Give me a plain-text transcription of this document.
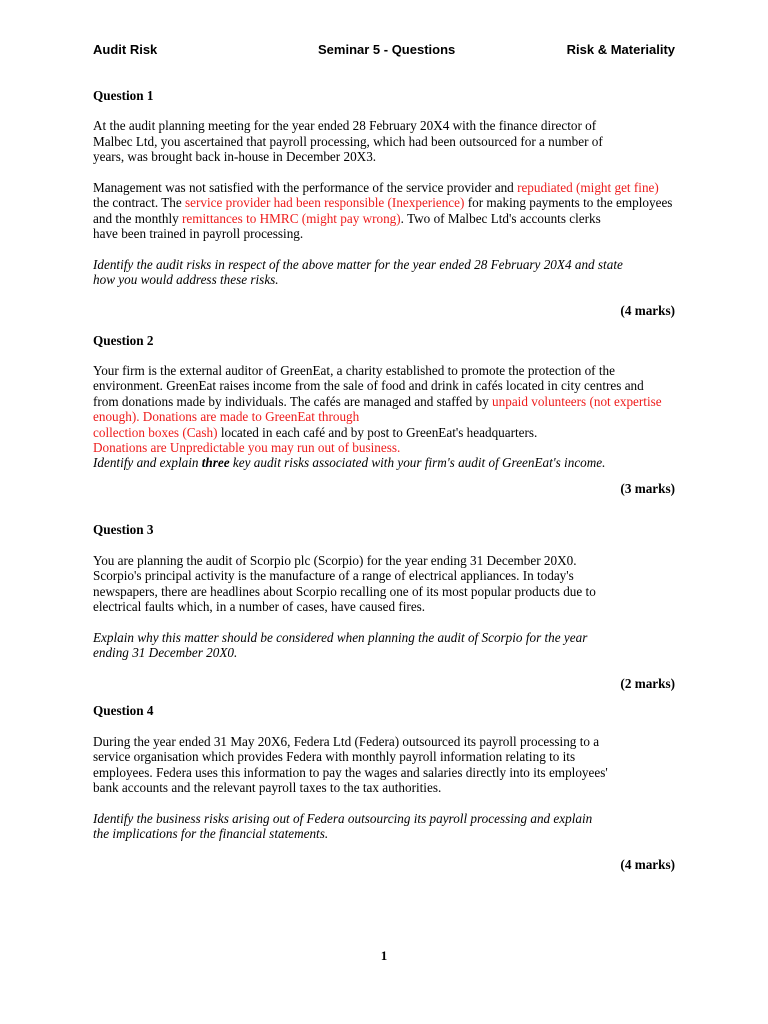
Audit Risk	Seminar 5 - Questions	Risk & Materiality

Question 1

At the audit planning meeting for the year ended 28 February 20X4 with the finance director of Malbec Ltd, you ascertained that payroll processing, which had been outsourced for a number of years, was brought back in-house in December 20X3.

Management was not satisfied with the performance of the service provider and repudiated (might get fine)

the contract. The service provider had been responsible (Inexperience) for making payments to the employees and the monthly remittances to HMRC (might pay wrong). Two of Malbec Ltd's accounts clerks
have been trained in payroll processing.

Identify the audit risks in respect of the above matter for the year ended 28 February 20X4 and state how you would address these risks.

(4 marks)

Question 2

Your firm is the external auditor of GreenEat, a charity established to promote the protection of the environment. GreenEat raises income from the sale of food and drink in cafés located in city centres and from donations made by individuals. The cafés are managed and staffed by unpaid volunteers (not expertise enough). Donations are made to GreenEat through
collection boxes (Cash) located in each café and by post to GreenEat's headquarters.
Donations are Unpredictable you may run out of business.

Identify and explain three key audit risks associated with your firm's audit of GreenEat's income.

(3 marks)

Question 3

You are planning the audit of Scorpio plc (Scorpio) for the year ending 31 December 20X0. Scorpio's principal activity is the manufacture of a range of electrical appliances. In today's newspapers, there are headlines about Scorpio recalling one of its most popular products due to electrical faults which, in a number of cases, have caused fires.

Explain why this matter should be considered when planning the audit of Scorpio for the year ending 31 December 20X0.

(2 marks)

Question 4

During the year ended 31 May 20X6, Federa Ltd (Federa) outsourced its payroll processing to a service organisation which provides Federa with monthly payroll information relating to its employees. Federa uses this information to pay the wages and salaries directly into its employees' bank accounts and the relevant payroll taxes to the tax authorities.

Identify the business risks arising out of Federa outsourcing its payroll processing and explain the implications for the financial statements.

(4 marks)

1
